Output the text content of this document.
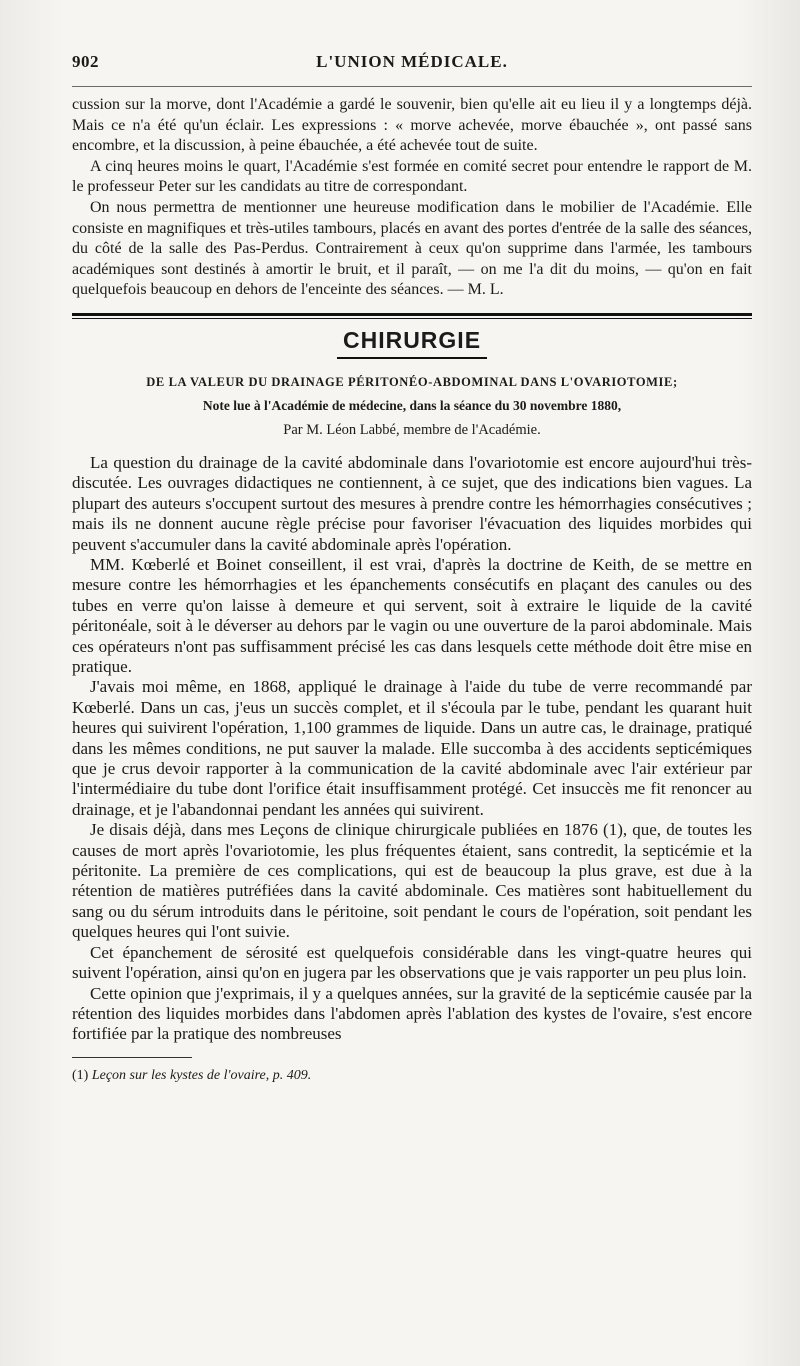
902	L'UNION MÉDICALE.

cussion sur la morve, dont l'Académie a gardé le souvenir, bien qu'elle ait eu lieu il y a longtemps déjà. Mais ce n'a été qu'un éclair. Les expressions : « morve achevée, morve ébauchée », ont passé sans encombre, et la discussion, à peine ébauchée, a été achevée tout de suite.

A cinq heures moins le quart, l'Académie s'est formée en comité secret pour entendre le rapport de M. le professeur Peter sur les candidats au titre de correspondant.

On nous permettra de mentionner une heureuse modification dans le mobilier de l'Académie. Elle consiste en magnifiques et très-utiles tambours, placés en avant des portes d'entrée de la salle des séances, du côté de la salle des Pas-Perdus. Contrairement à ceux qu'on supprime dans l'armée, les tambours académiques sont destinés à amortir le bruit, et il paraît, — on me l'a dit du moins, — qu'on en fait quelquefois beaucoup en dehors de l'enceinte des séances. — M. L.

CHIRURGIE
DE LA VALEUR DU DRAINAGE PÉRITONÉO-ABDOMINAL DANS L'OVARIOTOMIE;
Note lue à l'Académie de médecine, dans la séance du 30 novembre 1880,
Par M. Léon Labbé, membre de l'Académie.

La question du drainage de la cavité abdominale dans l'ovariotomie est encore aujourd'hui très-discutée. Les ouvrages didactiques ne contiennent, à ce sujet, que des indications bien vagues. La plupart des auteurs s'occupent surtout des mesures à prendre contre les hémorrhagies consécutives ; mais ils ne donnent aucune règle précise pour favoriser l'évacuation des liquides morbides qui peuvent s'accumuler dans la cavité abdominale après l'opération.

MM. Kœberlé et Boinet conseillent, il est vrai, d'après la doctrine de Keith, de se mettre en mesure contre les hémorrhagies et les épanchements consécutifs en plaçant des canules ou des tubes en verre qu'on laisse à demeure et qui servent, soit à extraire le liquide de la cavité péritonéale, soit à le déverser au dehors par le vagin ou une ouverture de la paroi abdominale. Mais ces opérateurs n'ont pas suffisamment précisé les cas dans lesquels cette méthode doit être mise en pratique.

J'avais moi même, en 1868, appliqué le drainage à l'aide du tube de verre recommandé par Kœberlé. Dans un cas, j'eus un succès complet, et il s'écoula par le tube, pendant les quarant huit heures qui suivirent l'opération, 1,100 grammes de liquide. Dans un autre cas, le drainage, pratiqué dans les mêmes conditions, ne put sauver la malade. Elle succomba à des accidents septicémiques que je crus devoir rapporter à la communication de la cavité abdominale avec l'air extérieur par l'intermédiaire du tube dont l'orifice était insuffisamment protégé. Cet insuccès me fit renoncer au drainage, et je l'abandonnai pendant les années qui suivirent.

Je disais déjà, dans mes Leçons de clinique chirurgicale publiées en 1876 (1), que, de toutes les causes de mort après l'ovariotomie, les plus fréquentes étaient, sans contredit, la septicémie et la péritonite. La première de ces complications, qui est de beaucoup la plus grave, est due à la rétention de matières putréfiées dans la cavité abdominale. Ces matières sont habituellement du sang ou du sérum introduits dans le péritoine, soit pendant le cours de l'opération, soit pendant les quelques heures qui l'ont suivie.

Cet épanchement de sérosité est quelquefois considérable dans les vingt-quatre heures qui suivent l'opération, ainsi qu'on en jugera par les observations que je vais rapporter un peu plus loin.

Cette opinion que j'exprimais, il y a quelques années, sur la gravité de la septicémie causée par la rétention des liquides morbides dans l'abdomen après l'ablation des kystes de l'ovaire, s'est encore fortifiée par la pratique des nombreuses

(1) Leçon sur les kystes de l'ovaire, p. 409.
